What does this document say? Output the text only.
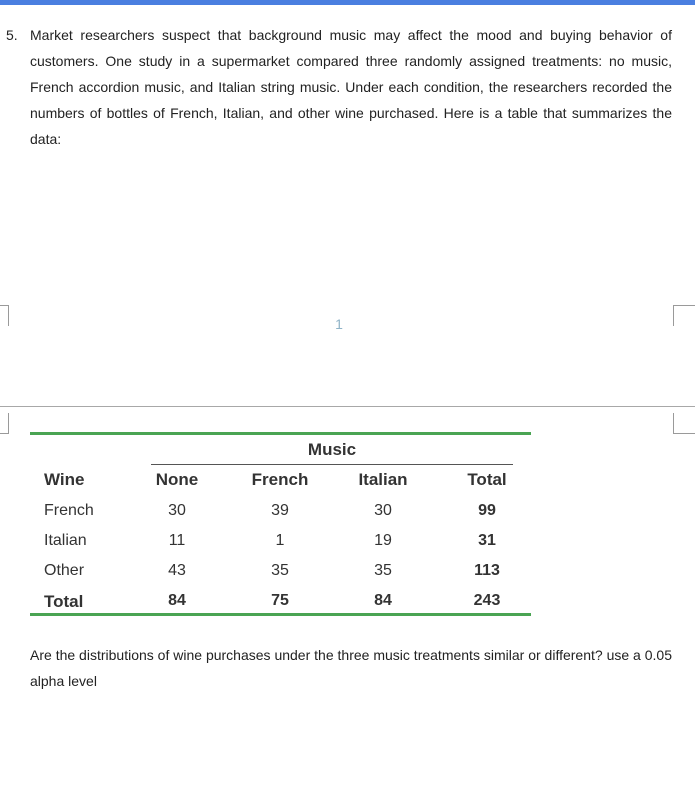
5. Market researchers suspect that background music may affect the mood and buying behavior of customers. One study in a supermarket compared three randomly assigned treatments: no music, French accordion music, and Italian string music. Under each condition, the researchers recorded the numbers of bottles of French, Italian, and other wine purchased. Here is a table that summarizes the data:
1
Music
Wine	None	French	Italian	Total
French	30	39	30	99
Italian	11	1	19	31
Other	43	35	35	113
Total	84	75	84	243
Are the distributions of wine purchases under the three music treatments similar or different? use a 0.05 alpha level
